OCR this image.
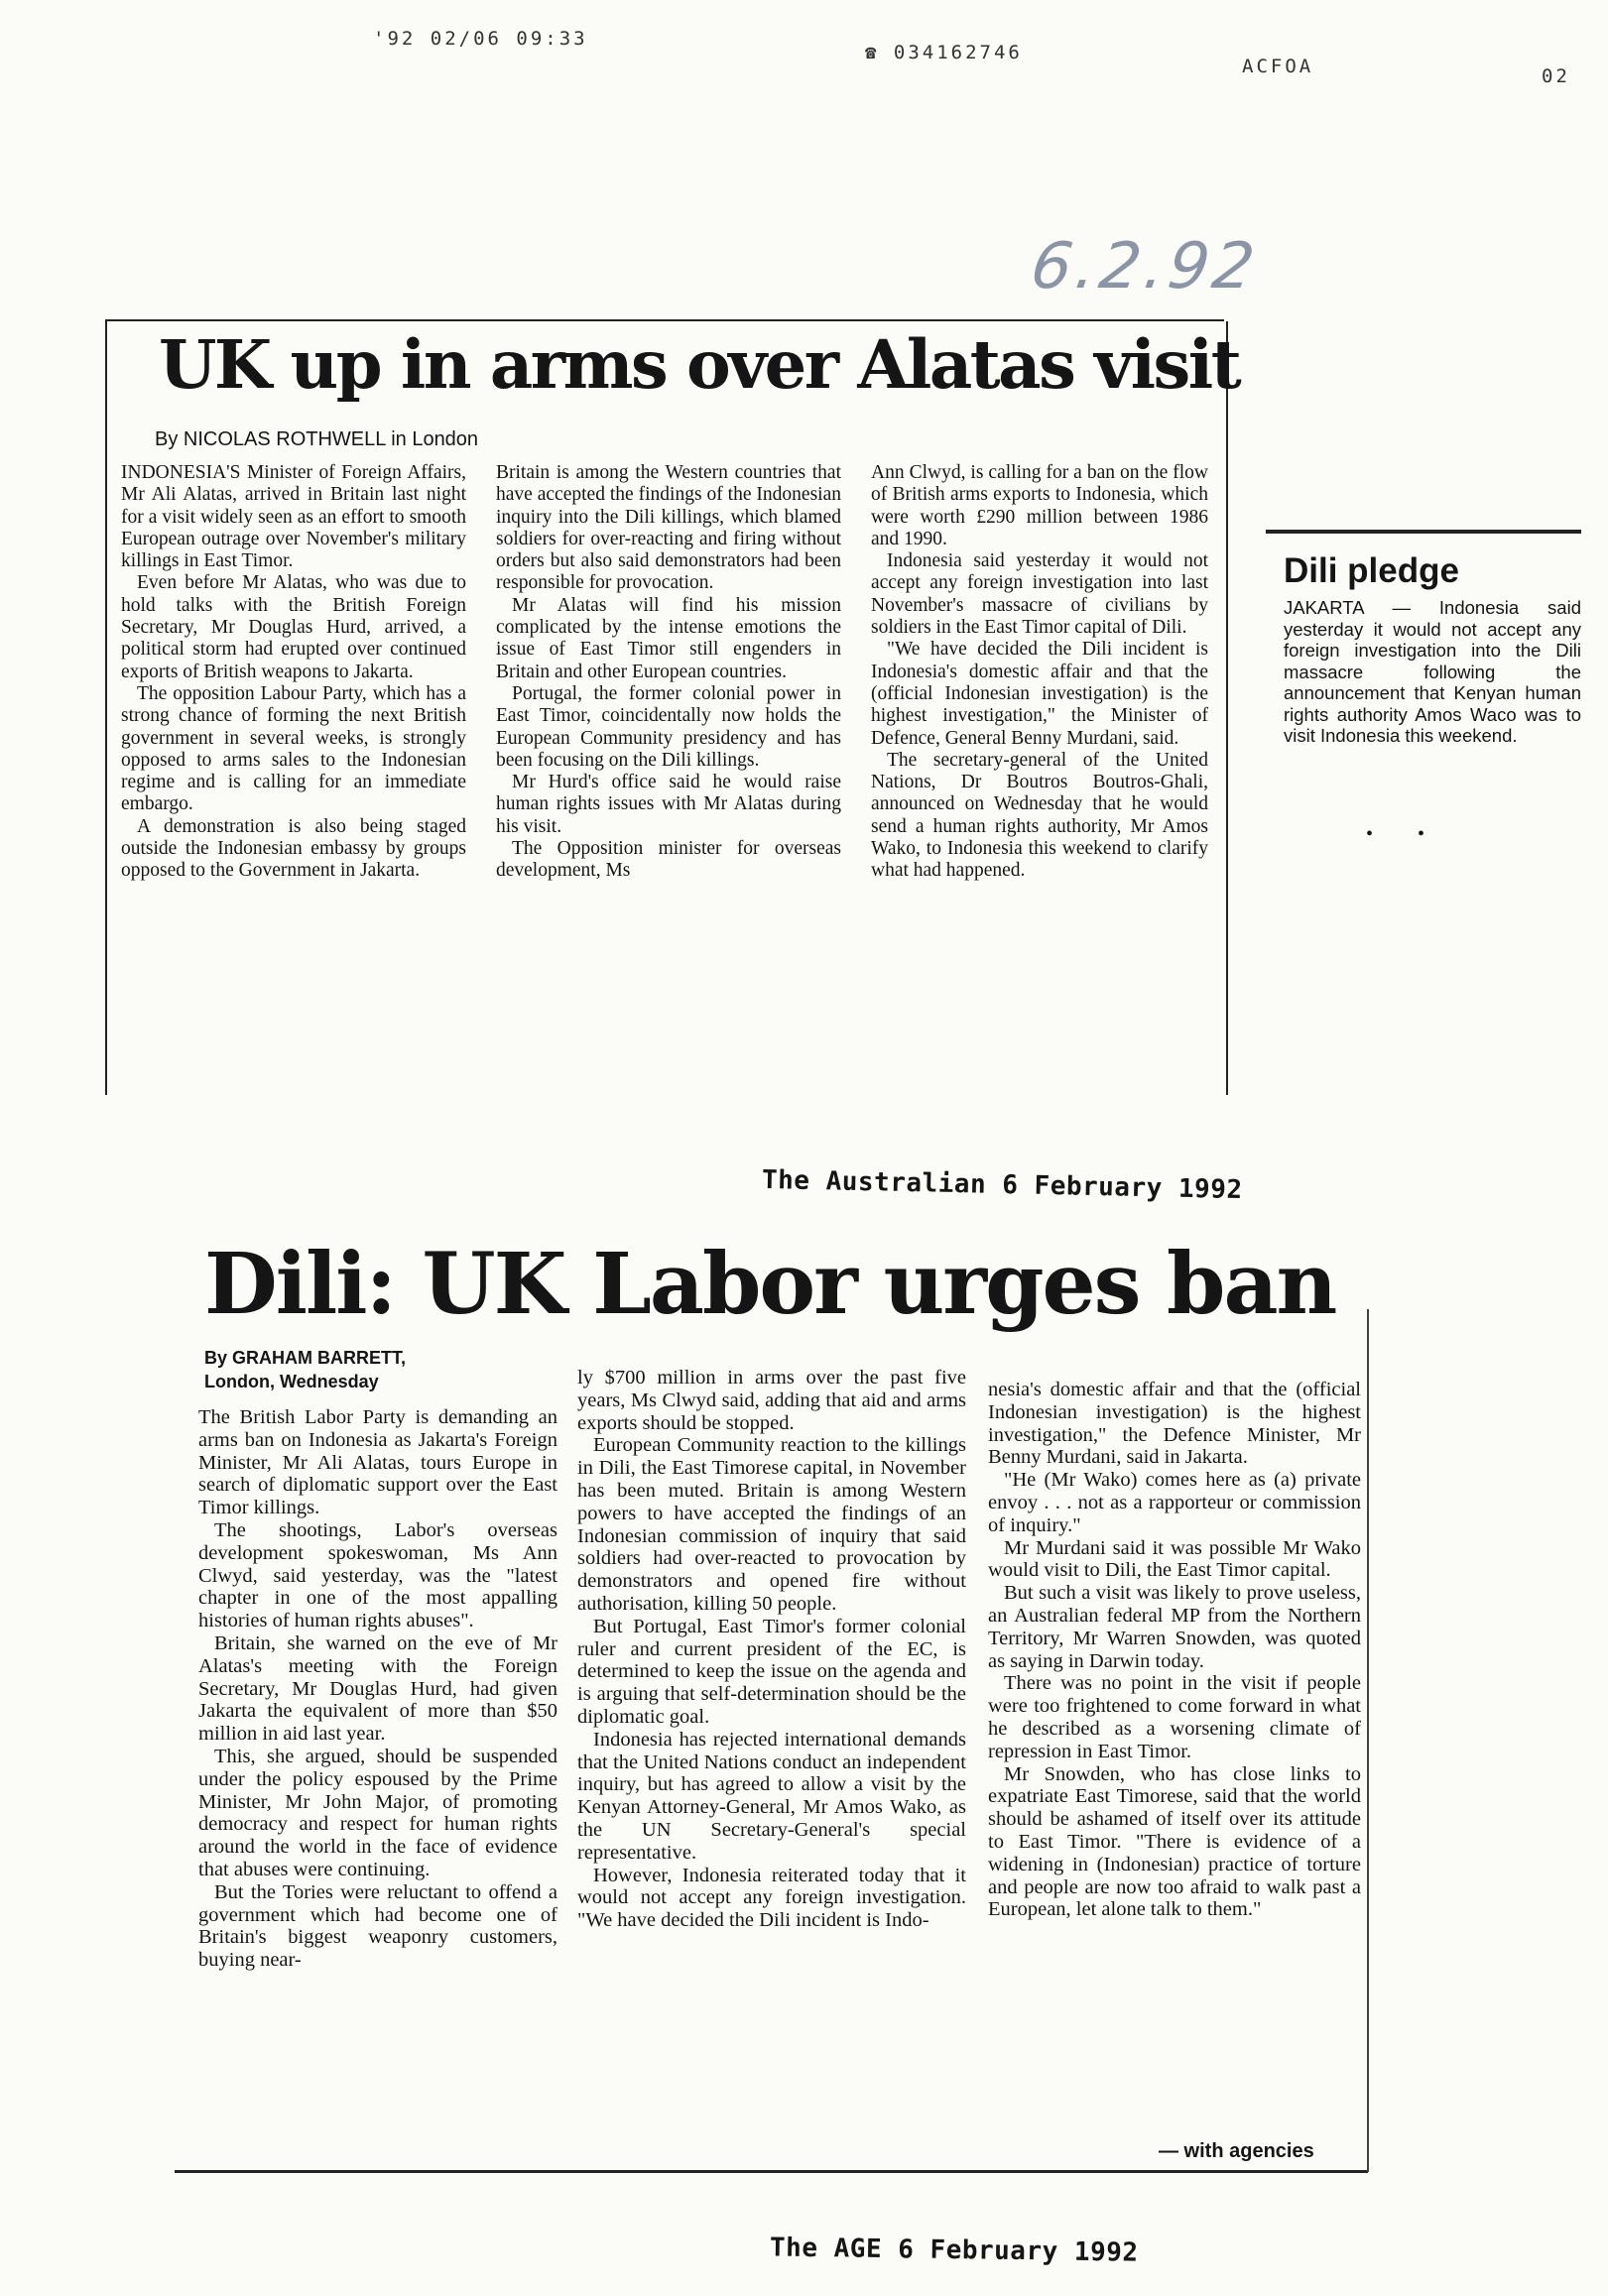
'92 02/06 09:33
☎ 034162746
ACFOA	02
6.2.92
UK up in arms over Alatas visit
By NICOLAS ROTHWELL in London

INDONESIA'S Minister of Foreign Affairs, Mr Ali Alatas, arrived in Britain last night for a visit widely seen as an effort to smooth European outrage over November's military killings in East Timor.

Even before Mr Alatas, who was due to hold talks with the British Foreign Secretary, Mr Douglas Hurd, arrived, a political storm had erupted over continued exports of British weapons to Jakarta.

The opposition Labour Party, which has a strong chance of forming the next British government in several weeks, is strongly opposed to arms sales to the Indonesian regime and is calling for an immediate embargo.

A demonstration is also being staged outside the Indonesian embassy by groups opposed to the Government in Jakarta.

Britain is among the Western countries that have accepted the findings of the Indonesian inquiry into the Dili killings, which blamed soldiers for over-reacting and firing without orders but also said demonstrators had been responsible for provocation.

Mr Alatas will find his mission complicated by the intense emotions the issue of East Timor still engenders in Britain and other European countries.

Portugal, the former colonial power in East Timor, coincidentally now holds the European Community presidency and has been focusing on the Dili killings.

Mr Hurd's office said he would raise human rights issues with Mr Alatas during his visit.

The Opposition minister for overseas development, Ms

Ann Clwyd, is calling for a ban on the flow of British arms exports to Indonesia, which were worth £290 million between 1986 and 1990.

Indonesia said yesterday it would not accept any foreign investigation into last November's massacre of civilians by soldiers in the East Timor capital of Dili.

"We have decided the Dili incident is Indonesia's domestic affair and that the (official Indonesian investigation) is the highest investigation," the Minister of Defence, General Benny Murdani, said.

The secretary-general of the United Nations, Dr Boutros Boutros-Ghali, announced on Wednesday that he would send a human rights authority, Mr Amos Wako, to Indonesia this weekend to clarify what had happened.

Dili pledge

JAKARTA — Indonesia said yesterday it would not accept any foreign investigation into the Dili massacre following the announcement that Kenyan human rights authority Amos Waco was to visit Indonesia this weekend.

• •
The Australian 6 February 1992
Dili: UK Labor urges ban
By GRAHAM BARRETT,
London, Wednesday

The British Labor Party is demanding an arms ban on Indonesia as Jakarta's Foreign Minister, Mr Ali Alatas, tours Europe in search of diplomatic support over the East Timor killings.

The shootings, Labor's overseas development spokeswoman, Ms Ann Clwyd, said yesterday, was the "latest chapter in one of the most appalling histories of human rights abuses".

Britain, she warned on the eve of Mr Alatas's meeting with the Foreign Secretary, Mr Douglas Hurd, had given Jakarta the equivalent of more than $50 million in aid last year.

This, she argued, should be suspended under the policy espoused by the Prime Minister, Mr John Major, of promoting democracy and respect for human rights around the world in the face of evidence that abuses were continuing.

But the Tories were reluctant to offend a government which had become one of Britain's biggest weaponry customers, buying near-

ly $700 million in arms over the past five years, Ms Clwyd said, adding that aid and arms exports should be stopped.

European Community reaction to the killings in Dili, the East Timorese capital, in November has been muted. Britain is among Western powers to have accepted the findings of an Indonesian commission of inquiry that said soldiers had over-reacted to provocation by demonstrators and opened fire without authorisation, killing 50 people.

But Portugal, East Timor's former colonial ruler and current president of the EC, is determined to keep the issue on the agenda and is arguing that self-determination should be the diplomatic goal.

Indonesia has rejected international demands that the United Nations conduct an independent inquiry, but has agreed to allow a visit by the Kenyan Attorney-General, Mr Amos Wako, as the UN Secretary-General's special representative.

However, Indonesia reiterated today that it would not accept any foreign investigation. "We have decided the Dili incident is Indo-

nesia's domestic affair and that the (official Indonesian investigation) is the highest investigation," the Defence Minister, Mr Benny Murdani, said in Jakarta.

"He (Mr Wako) comes here as (a) private envoy . . . not as a rapporteur or commission of inquiry."

Mr Murdani said it was possible Mr Wako would visit to Dili, the East Timor capital.

But such a visit was likely to prove useless, an Australian federal MP from the Northern Territory, Mr Warren Snowden, was quoted as saying in Darwin today.

There was no point in the visit if people were too frightened to come forward in what he described as a worsening climate of repression in East Timor.

Mr Snowden, who has close links to expatriate East Timorese, said that the world should be ashamed of itself over its attitude to East Timor. "There is evidence of a widening in (Indonesian) practice of torture and people are now too afraid to walk past a European, let alone talk to them."

— with agencies
The AGE 6 February 1992
